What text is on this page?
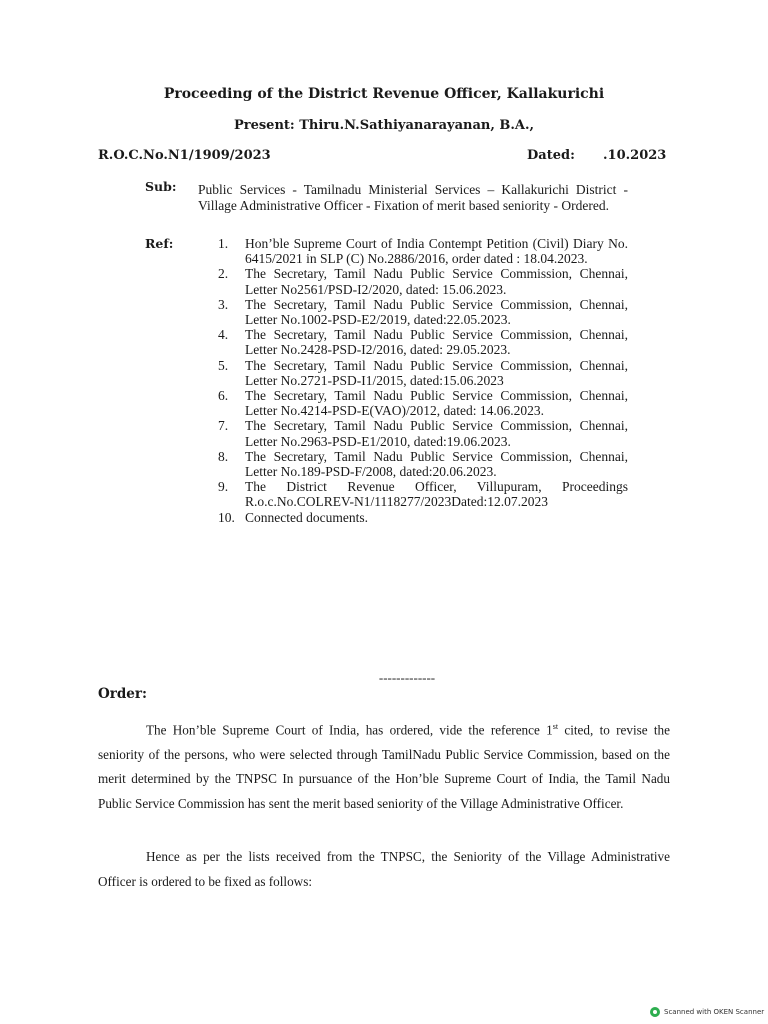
Proceeding of the District Revenue Officer, Kallakurichi
Present: Thiru.N.Sathiyanarayanan, B.A.,
R.O.C.No.N1/1909/2023	Dated: .10.2023
Sub: Public Services - Tamilnadu Ministerial Services – Kallakurichi District - Village Administrative Officer - Fixation of merit based seniority - Ordered.
Ref:	1.	Hon’ble Supreme Court of India Contempt Petition (Civil) Diary No. 6415/2021 in SLP (C) No.2886/2016, order dated : 18.04.2023.
2.	The Secretary, Tamil Nadu Public Service Commission, Chennai, Letter No2561/PSD-I2/2020, dated: 15.06.2023.
3.	The Secretary, Tamil Nadu Public Service Commission, Chennai, Letter No.1002-PSD-E2/2019, dated:22.05.2023.
4.	The Secretary, Tamil Nadu Public Service Commission, Chennai, Letter No.2428-PSD-I2/2016, dated: 29.05.2023.
5.	The Secretary, Tamil Nadu Public Service Commission, Chennai, Letter No.2721-PSD-I1/2015, dated:15.06.2023
6.	The Secretary, Tamil Nadu Public Service Commission, Chennai, Letter No.4214-PSD-E(VAO)/2012, dated: 14.06.2023.
7.	The Secretary, Tamil Nadu Public Service Commission, Chennai, Letter No.2963-PSD-E1/2010, dated:19.06.2023.
8.	The Secretary, Tamil Nadu Public Service Commission, Chennai, Letter No.189-PSD-F/2008, dated:20.06.2023.
9.	The District Revenue Officer, Villupuram, Proceedings R.o.c.No.COLREV-N1/1118277/2023Dated:12.07.2023
10. Connected documents.
-------------
Order:
The Hon’ble Supreme Court of India, has ordered, vide the reference 1st cited, to revise the seniority of the persons, who were selected through TamilNadu Public Service Commission, based on the merit determined by the TNPSC In pursuance of the Hon’ble Supreme Court of India, the Tamil Nadu Public Service Commission has sent the merit based seniority of the Village Administrative Officer.
Hence as per the lists received from the TNPSC, the Seniority of the Village Administrative Officer is ordered to be fixed as follows:
Scanned with OKEN Scanner
